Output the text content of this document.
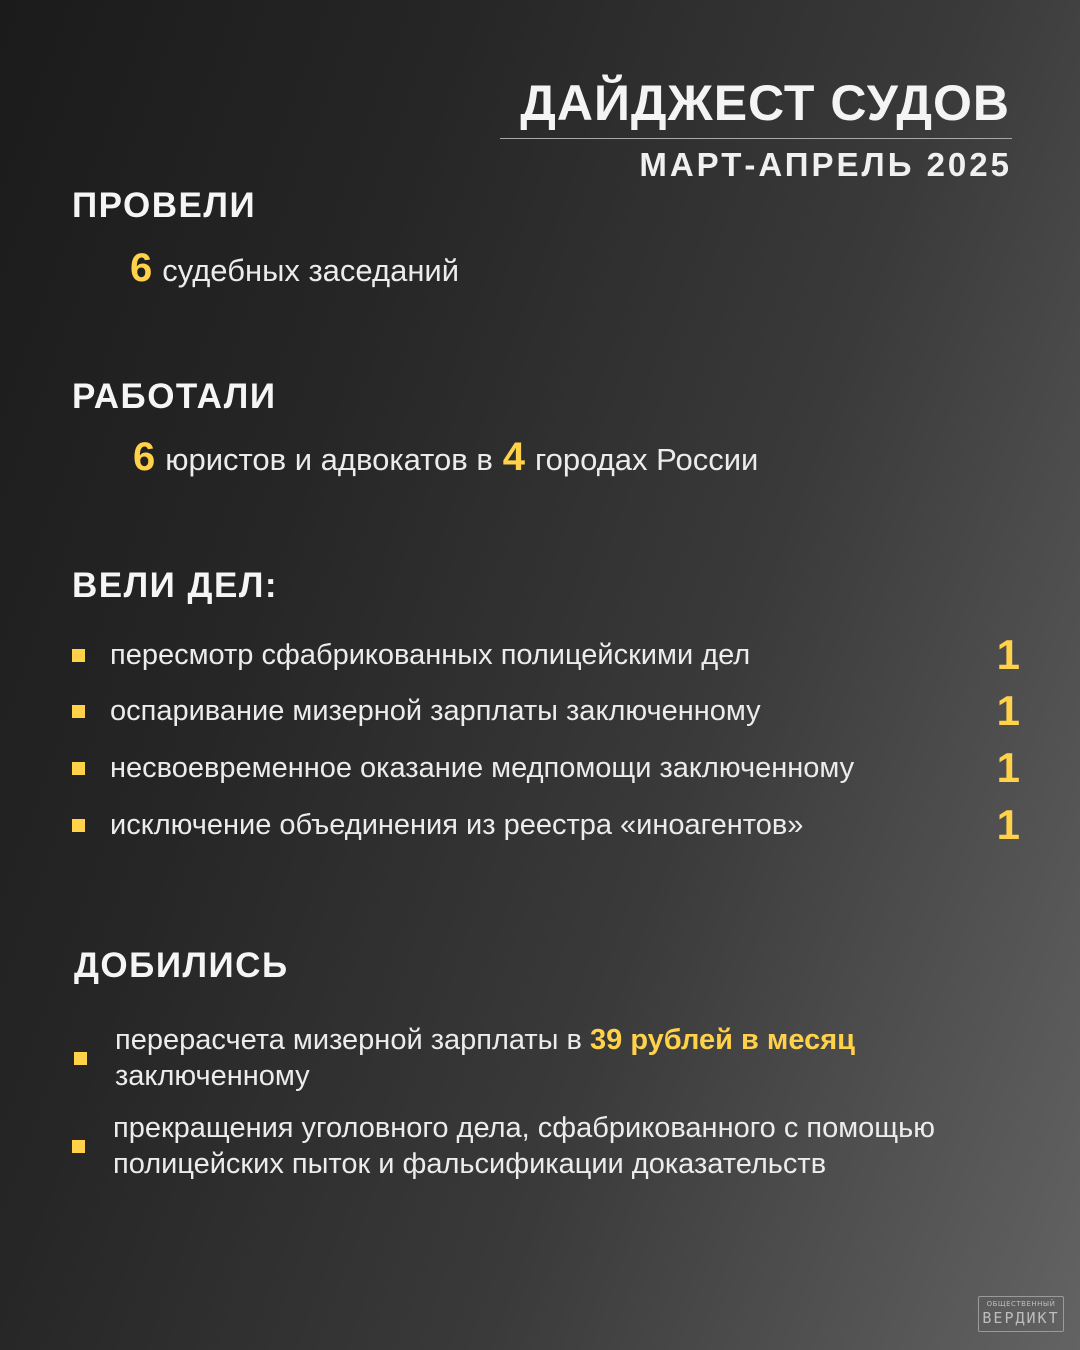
ДАЙДЖЕСТ СУДОВ
МАРТ-АПРЕЛЬ 2025
ПРОВЕЛИ
6 судебных заседаний
РАБОТАЛИ
6 юристов и адвокатов в 4 городах России
ВЕЛИ ДЕЛ:
пересмотр сфабрикованных полицейскими дел	1
оспаривание мизерной зарплаты заключенному	1
несвоевременное оказание медпомощи заключенному	1
исключение объединения из реестра «иноагентов»	1
ДОБИЛИСЬ
перерасчета мизерной зарплаты в 39 рублей в месяц
заключенному
прекращения уголовного дела, сфабрикованного с помощью полицейских пыток и фальсификации доказательств
ОБЩЕСТВЕННЫЙ
ВЕРДИКТ
